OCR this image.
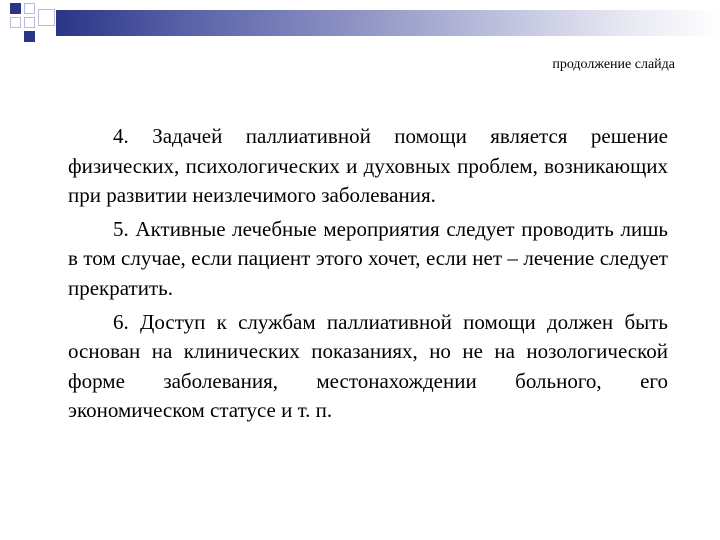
продолжение слайда

4. Задачей паллиативной помощи является решение физических, психологических и духовных проблем, возникающих при развитии неизлечимого заболевания.

5. Активные лечебные мероприятия следует проводить лишь в том случае, если пациент этого хочет, если нет – лечение следует прекратить.

6. Доступ к службам паллиативной помощи должен быть основан на клинических показаниях, но не на нозологической форме заболевания, местонахождении больного, его экономическом статусе и т. п.
